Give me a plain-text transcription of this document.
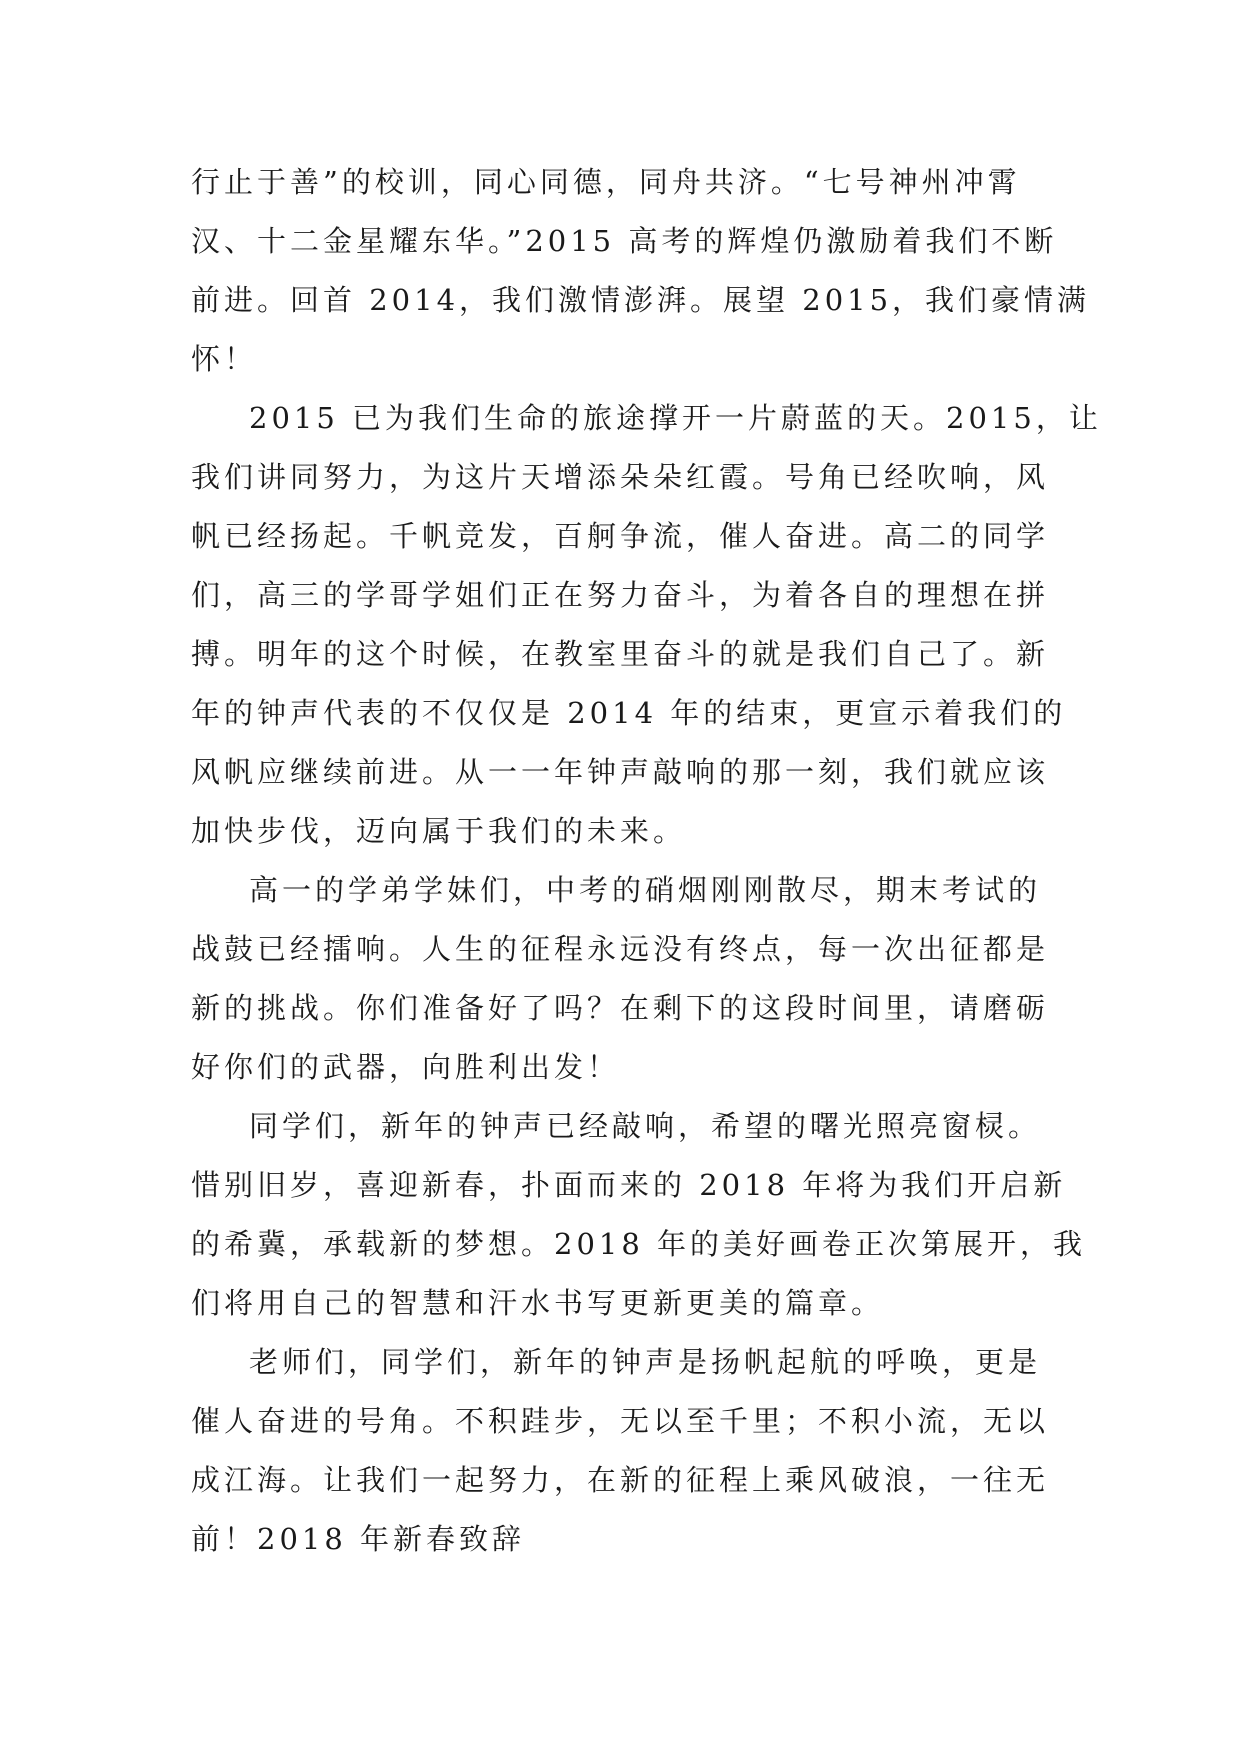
行止于善”的校训，同心同德，同舟共济。“七号神州冲霄
汉、十二金星耀东华。”2015 高考的辉煌仍激励着我们不断
前进。回首 2014，我们激情澎湃。展望 2015，我们豪情满
怀！
2015 已为我们生命的旅途撑开一片蔚蓝的天。2015，让
我们讲同努力，为这片天增添朵朵红霞。号角已经吹响，风
帆已经扬起。千帆竞发，百舸争流，催人奋进。高二的同学
们，高三的学哥学姐们正在努力奋斗，为着各自的理想在拼
搏。明年的这个时候，在教室里奋斗的就是我们自己了。新
年的钟声代表的不仅仅是 2014 年的结束，更宣示着我们的
风帆应继续前进。从一一年钟声敲响的那一刻，我们就应该
加快步伐，迈向属于我们的未来。
高一的学弟学妹们，中考的硝烟刚刚散尽，期末考试的
战鼓已经擂响。人生的征程永远没有终点，每一次出征都是
新的挑战。你们准备好了吗？在剩下的这段时间里，请磨砺
好你们的武器，向胜利出发！
同学们，新年的钟声已经敲响，希望的曙光照亮窗棂。
惜别旧岁，喜迎新春，扑面而来的 2018 年将为我们开启新
的希冀，承载新的梦想。2018 年的美好画卷正次第展开，我
们将用自己的智慧和汗水书写更新更美的篇章。
老师们，同学们，新年的钟声是扬帆起航的呼唤，更是
催人奋进的号角。不积跬步，无以至千里；不积小流，无以
成江海。让我们一起努力，在新的征程上乘风破浪，一往无
前！2018 年新春致辞
